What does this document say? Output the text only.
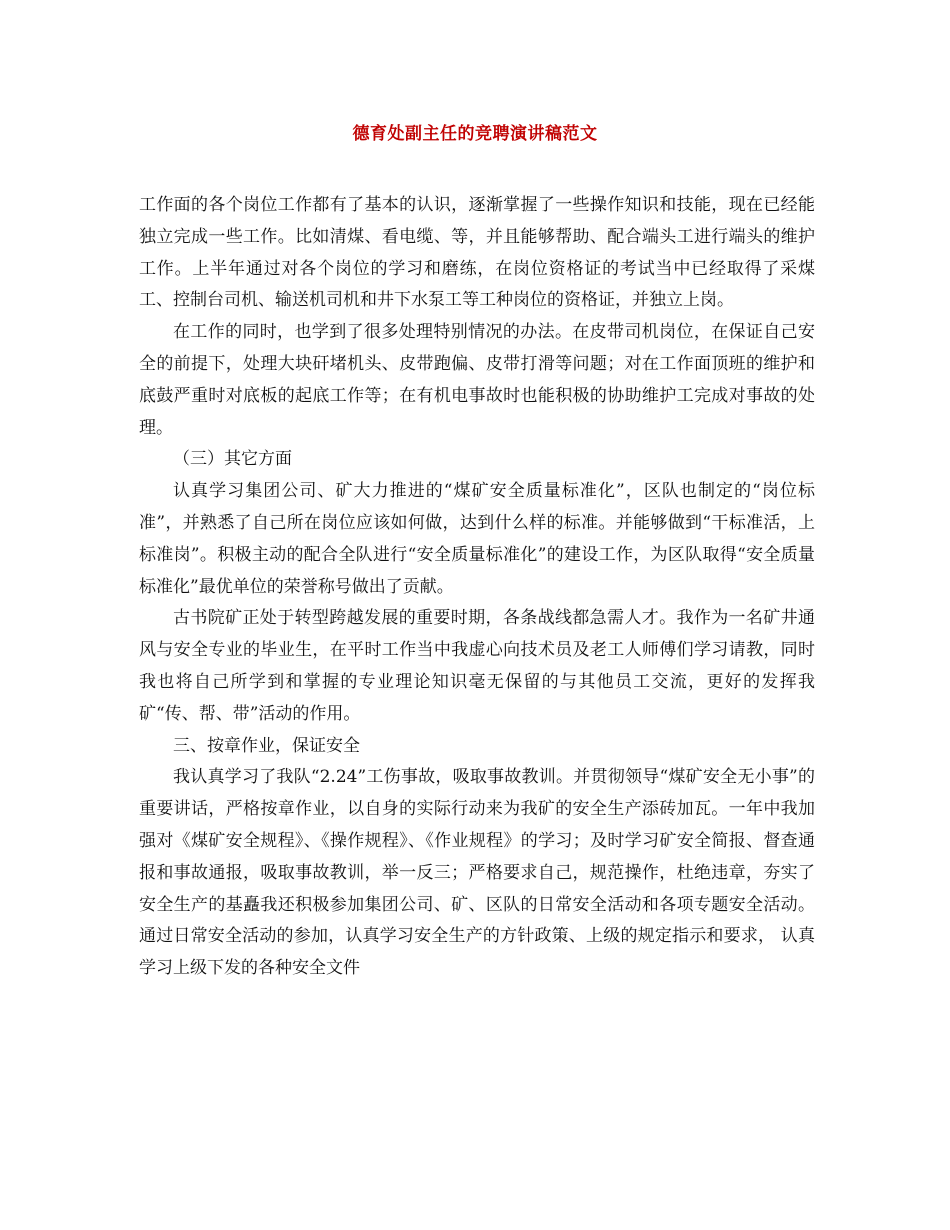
德育处副主任的竞聘演讲稿范文

工作面的各个岗位工作都有了基本的认识，逐渐掌握了一些操作知识和技能，现在已经能独立完成一些工作。比如清煤、看电缆、等，并且能够帮助、配合端头工进行端头的维护工作。上半年通过对各个岗位的学习和磨练，在岗位资格证的考试当中已经取得了采煤工、控制台司机、输送机司机和井下水泵工等工种岗位的资格证，并独立上岗。

在工作的同时，也学到了很多处理特别情况的办法。在皮带司机岗位，在保证自己安全的前提下，处理大块矸堵机头、皮带跑偏、皮带打滑等问题；对在工作面顶班的维护和底鼓严重时对底板的起底工作等；在有机电事故时也能积极的协助维护工完成对事故的处理。

（三）其它方面

认真学习集团公司、矿大力推进的“煤矿安全质量标准化”，区队也制定的“岗位标准”，并熟悉了自己所在岗位应该如何做，达到什么样的标准。并能够做到“干标准活，上标准岗”。积极主动的配合全队进行“安全质量标准化”的建设工作，为区队取得“安全质量标准化”最优单位的荣誉称号做出了贡献。

古书院矿正处于转型跨越发展的重要时期，各条战线都急需人才。我作为一名矿井通风与安全专业的毕业生，在平时工作当中我虚心向技术员及老工人师傅们学习请教，同时我也将自己所学到和掌握的专业理论知识毫无保留的与其他员工交流，更好的发挥我矿“传、帮、带”活动的作用。

三、按章作业，保证安全

我认真学习了我队“2.24”工伤事故，吸取事故教训。并贯彻领导“煤矿安全无小事”的重要讲话，严格按章作业，以自身的实际行动来为我矿的安全生产添砖加瓦。一年中我加强对《煤矿安全规程》、《操作规程》、《作业规程》的学习；及时学习矿安全简报、督查通报和事故通报，吸取事故教训，举一反三；严格要求自己，规范操作，杜绝违章，夯实了安全生产的基矗我还积极参加集团公司、矿、区队的日常安全活动和各项专题安全活动。通过日常安全活动的参加，认真学习安全生产的方针政策、上级的规定指示和要求， 认真学习上级下发的各种安全文件
